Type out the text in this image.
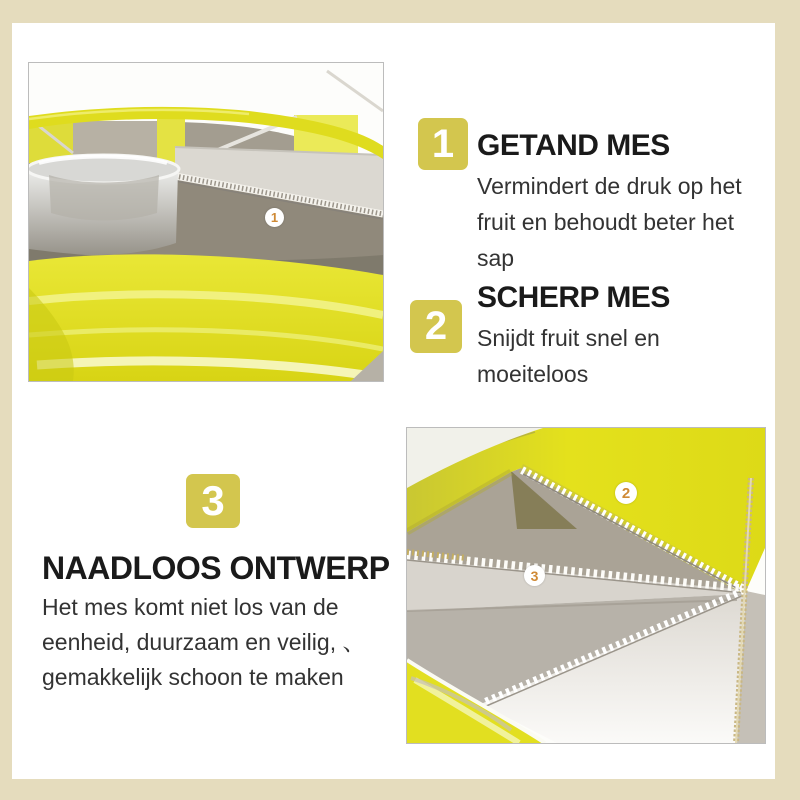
1
2
3
1 GETAND MES

Vermindert de druk op het
fruit en behoudt beter het
sap

2
SCHERP MES

Snijdt fruit snel en
moeiteloos

3
NAADLOOS ONTWERP

Het mes komt niet los van de
eenheid, duurzaam en veilig, 、
gemakkelijk schoon te maken
